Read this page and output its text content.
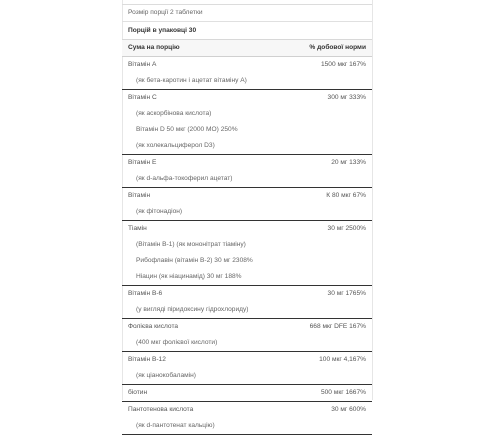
Розмір порції 2 таблетки
Порцій в упаковці 30
Сума на порцію	% добової норми
Вітамін А	1500 мкг 167%
(як бета-каротин і ацетат вітаміну А)
Вітамін С	300 мг 333%
(як аскорбінова кислота)
Вітамін D 50 мкг (2000 МО) 250%
(як холекальциферол D3)
Вітамін Е	20 мг 133%
(як d-альфа-токоферил ацетат)
Вітамін	К 80 мкг 67%
(як фітонадіон)
Тіамін	30 мг 2500%
(Вітамін В-1) (як мононітрат тіаміну)
Рибофлавін (вітамін В-2) 30 мг 2308%
Ніацин (як ніацинамід) 30 мг 188%
Вітамін В-6	30 мг 1765%
(у вигляді піридоксину гідрохлориду)
Фолієва кислота	668 мкг DFE 167%
(400 мкг фолієвої кислоти)
Вітамін В-12	100 мкг 4,167%
(як ціанокобаламін)
біотин	500 мкг 1667%
Пантотенова кислота	30 мг 600%
(як d-пантотенат кальцію)
